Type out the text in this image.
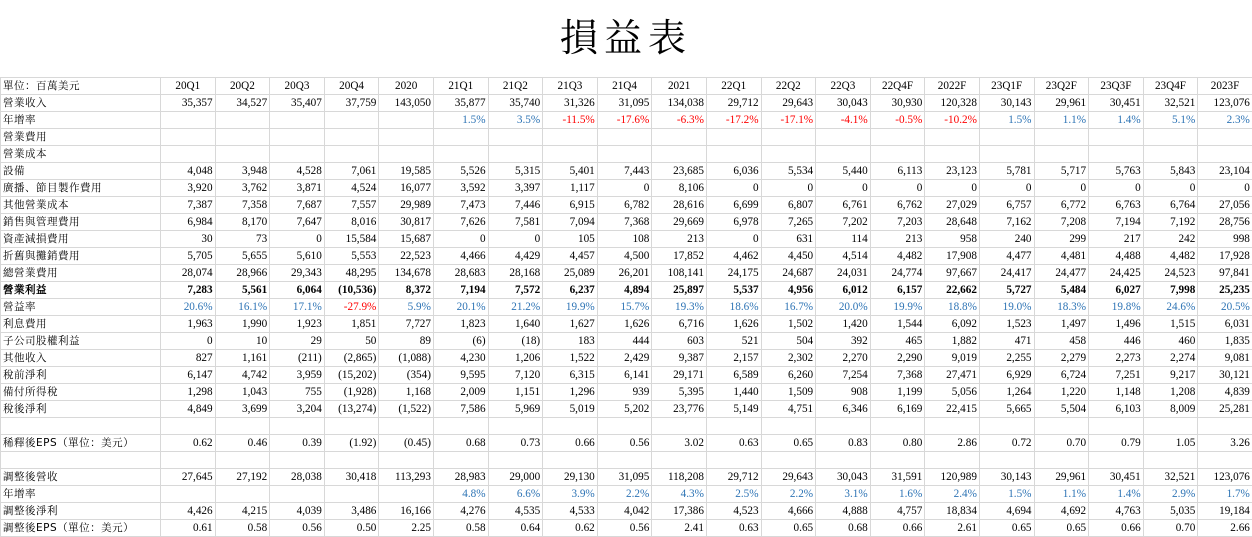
損益表
單位：百萬美元	20Q1	20Q2	20Q3	20Q4	2020	21Q1	21Q2	21Q3	21Q4	2021	22Q1	22Q2	22Q3	22Q4F	2022F	23Q1F	23Q2F	23Q3F	23Q4F	2023F
營業收入	35,357	34,527	35,407	37,759	143,050	35,877	35,740	31,326	31,095	134,038	29,712	29,643	30,043	30,930	120,328	30,143	29,961	30,451	32,521	123,076
年增率						1.5%	3.5%	-11.5%	-17.6%	-6.3%	-17.2%	-17.1%	-4.1%	-0.5%	-10.2%	1.5%	1.1%	1.4%	5.1%	2.3%
營業費用																				
營業成本																				
設備	4,048	3,948	4,528	7,061	19,585	5,526	5,315	5,401	7,443	23,685	6,036	5,534	5,440	6,113	23,123	5,781	5,717	5,763	5,843	23,104
廣播、節目製作費用	3,920	3,762	3,871	4,524	16,077	3,592	3,397	1,117	0	8,106	0	0	0	0	0	0	0	0	0	0
其他營業成本	7,387	7,358	7,687	7,557	29,989	7,473	7,446	6,915	6,782	28,616	6,699	6,807	6,761	6,762	27,029	6,757	6,772	6,763	6,764	27,056
銷售與管理費用	6,984	8,170	7,647	8,016	30,817	7,626	7,581	7,094	7,368	29,669	6,978	7,265	7,202	7,203	28,648	7,162	7,208	7,194	7,192	28,756
資產減損費用	30	73	0	15,584	15,687	0	0	105	108	213	0	631	114	213	958	240	299	217	242	998
折舊與攤銷費用	5,705	5,655	5,610	5,553	22,523	4,466	4,429	4,457	4,500	17,852	4,462	4,450	4,514	4,482	17,908	4,477	4,481	4,488	4,482	17,928
總營業費用	28,074	28,966	29,343	48,295	134,678	28,683	28,168	25,089	26,201	108,141	24,175	24,687	24,031	24,774	97,667	24,417	24,477	24,425	24,523	97,841
營業利益	7,283	5,561	6,064	(10,536)	8,372	7,194	7,572	6,237	4,894	25,897	5,537	4,956	6,012	6,157	22,662	5,727	5,484	6,027	7,998	25,235
營益率	20.6%	16.1%	17.1%	-27.9%	5.9%	20.1%	21.2%	19.9%	15.7%	19.3%	18.6%	16.7%	20.0%	19.9%	18.8%	19.0%	18.3%	19.8%	24.6%	20.5%
利息費用	1,963	1,990	1,923	1,851	7,727	1,823	1,640	1,627	1,626	6,716	1,626	1,502	1,420	1,544	6,092	1,523	1,497	1,496	1,515	6,031
子公司股權利益	0	10	29	50	89	(6)	(18)	183	444	603	521	504	392	465	1,882	471	458	446	460	1,835
其他收入	827	1,161	(211)	(2,865)	(1,088)	4,230	1,206	1,522	2,429	9,387	2,157	2,302	2,270	2,290	9,019	2,255	2,279	2,273	2,274	9,081
稅前淨利	6,147	4,742	3,959	(15,202)	(354)	9,595	7,120	6,315	6,141	29,171	6,589	6,260	7,254	7,368	27,471	6,929	6,724	7,251	9,217	30,121
備付所得稅	1,298	1,043	755	(1,928)	1,168	2,009	1,151	1,296	939	5,395	1,440	1,509	908	1,199	5,056	1,264	1,220	1,148	1,208	4,839
稅後淨利	4,849	3,699	3,204	(13,274)	(1,522)	7,586	5,969	5,019	5,202	23,776	5,149	4,751	6,346	6,169	22,415	5,665	5,504	6,103	8,009	25,281

稀釋後EPS（單位：美元）	0.62	0.46	0.39	(1.92)	(0.45)	0.68	0.73	0.66	0.56	3.02	0.63	0.65	0.83	0.80	2.86	0.72	0.70	0.79	1.05	3.26

調整後營收	27,645	27,192	28,038	30,418	113,293	28,983	29,000	29,130	31,095	118,208	29,712	29,643	30,043	31,591	120,989	30,143	29,961	30,451	32,521	123,076
年增率						4.8%	6.6%	3.9%	2.2%	4.3%	2.5%	2.2%	3.1%	1.6%	2.4%	1.5%	1.1%	1.4%	2.9%	1.7%
調整後淨利	4,426	4,215	4,039	3,486	16,166	4,276	4,535	4,533	4,042	17,386	4,523	4,666	4,888	4,757	18,834	4,694	4,692	4,763	5,035	19,184
調整後EPS（單位：美元）	0.61	0.58	0.56	0.50	2.25	0.58	0.64	0.62	0.56	2.41	0.63	0.65	0.68	0.66	2.61	0.65	0.65	0.66	0.70	2.66
